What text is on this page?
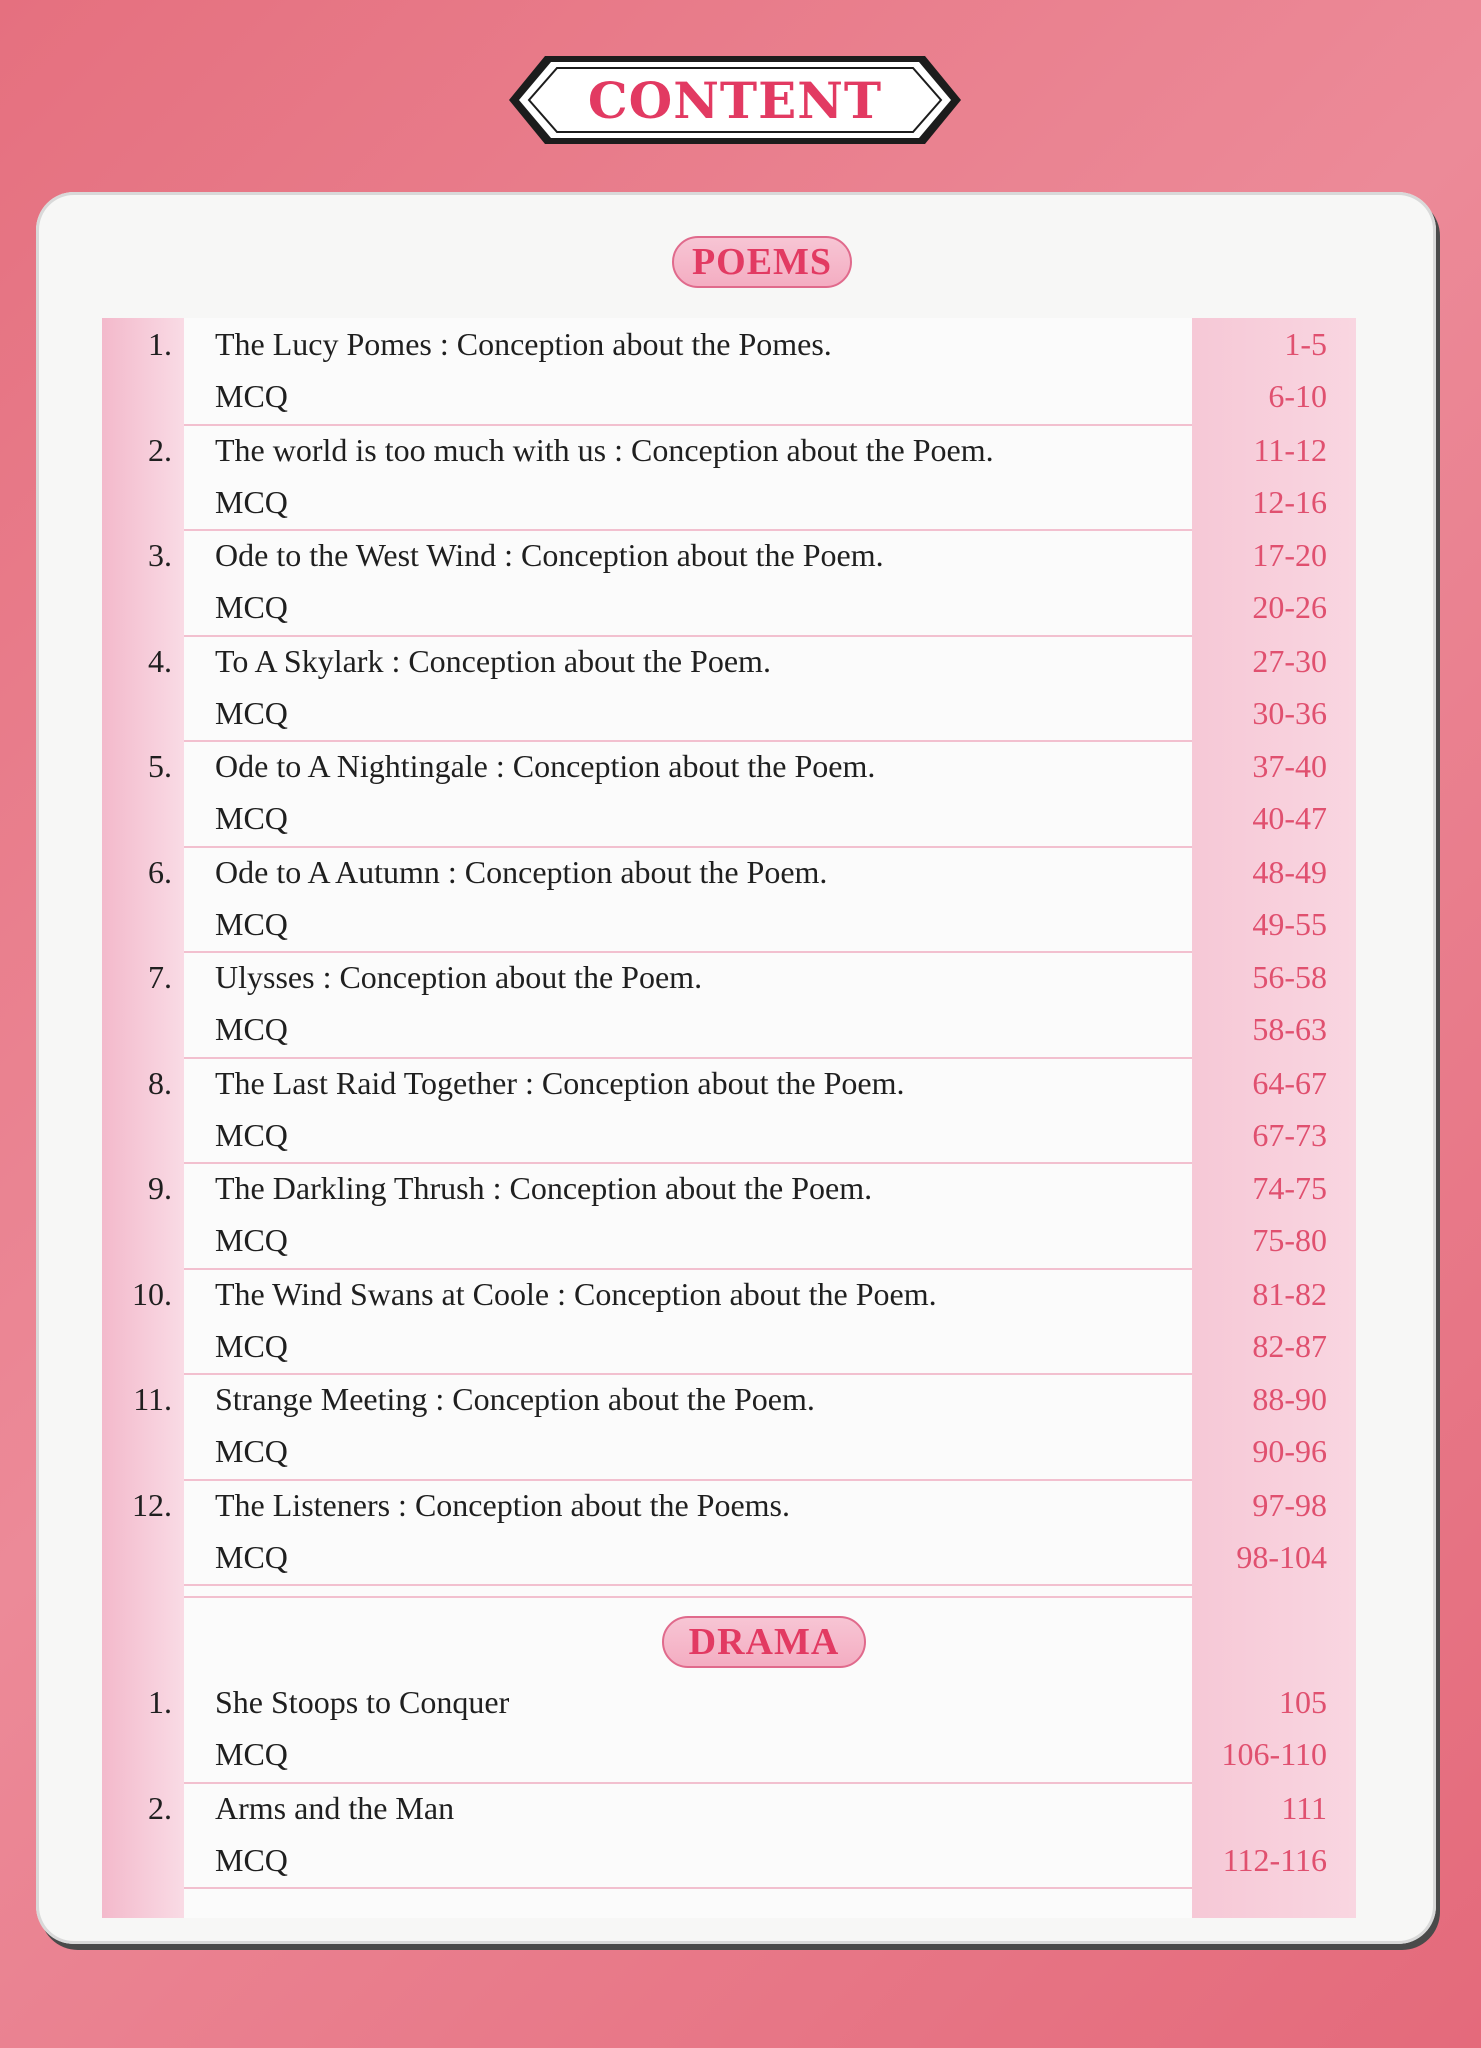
CONTENT
POEMS
1. The Lucy Pomes : Conception about the Pomes.	1-5
MCQ	6-10
2. The world is too much with us : Conception about the Poem.	11-12
MCQ	12-16
3. Ode to the West Wind : Conception about the Poem.	17-20
MCQ	20-26
4. To A Skylark : Conception about the Poem.	27-30
MCQ	30-36
5. Ode to A Nightingale : Conception about the Poem.	37-40
MCQ	40-47
6. Ode to A Autumn : Conception about the Poem.	48-49
MCQ	49-55
7. Ulysses : Conception about the Poem.	56-58
MCQ	58-63
8. The Last Raid Together : Conception about the Poem.	64-67
MCQ	67-73
9. The Darkling Thrush : Conception about the Poem.	74-75
MCQ	75-80
10. The Wind Swans at Coole : Conception about the Poem.	81-82
MCQ	82-87
11. Strange Meeting : Conception about the Poem.	88-90
MCQ	90-96
12. The Listeners : Conception about the Poems.	97-98
MCQ	98-104
1. She Stoops to Conquer	105
MCQ	106-110
2. Arms and the Man	111
MCQ	112-116
DRAMA
